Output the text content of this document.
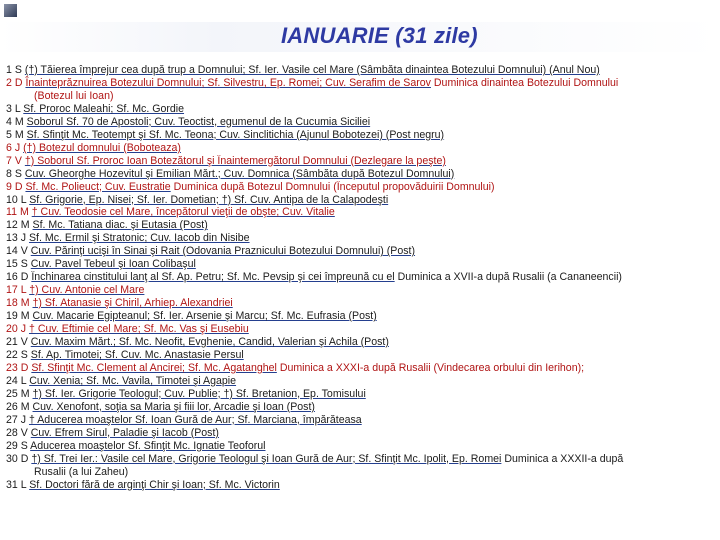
IANUARIE (31 zile)
1 S (†) Tăierea împrejur cea după trup a Domnului; Sf. Ier. Vasile cel Mare (Sâmbăta dinaintea Botezului Domnului) (Anul Nou)
2 D Înainteprăznuirea Botezului Domnului; Sf. Silvestru, Ep. Romei; Cuv. Serafim de Sarov Duminica dinaintea Botezului Domnului
(Botezul lui Ioan)
3 L Sf. Proroc Maleahi; Sf. Mc. Gordie
4 M Soborul Sf. 70 de Apostoli; Cuv. Teoctist, egumenul de la Cucumia Siciliei
5 M Sf. Sfinţit Mc. Teotempt şi Sf. Mc. Teona; Cuv. Sinclitichia (Ajunul Bobotezei) (Post negru)
6 J (†) Botezul domnului (Boboteaza)
7 V †) Soborul Sf. Proroc Ioan Botezătorul şi Înaintemergătorul Domnului (Dezlegare la peşte)
8 S Cuv. Gheorghe Hozevitul şi Emilian Mărt.; Cuv. Domnica (Sâmbăta după Botezul Domnului)
9 D Sf. Mc. Polieuct; Cuv. Eustratie Duminica după Botezul Domnului (Începutul propovăduirii Domnului)
10 L Sf. Grigorie, Ep. Nisei; Sf. Ier. Dometian; †) Sf. Cuv. Antipa de la Calapodeşti
11 M † Cuv. Teodosie cel Mare, începătorul vieţii de obşte; Cuv. Vitalie
12 M Sf. Mc. Tatiana diac. şi Eutasia (Post)
13 J Sf. Mc. Ermil şi Stratonic; Cuv. Iacob din Nisibe
14 V Cuv. Părinţi ucişi în Sinai şi Rait (Odovania Praznicului Botezului Domnului) (Post)
15 S Cuv. Pavel Tebeul şi Ioan Colibaşul
16 D Închinarea cinstitului lanţ al Sf. Ap. Petru; Sf. Mc. Pevsip şi cei împreună cu el Duminica a XVII-a după Rusalii (a Cananeencii)
17 L †) Cuv. Antonie cel Mare
18 M †) Sf. Atanasie şi Chiril, Arhiep. Alexandriei
19 M Cuv. Macarie Egipteanul; Sf. Ier. Arsenie şi Marcu; Sf. Mc. Eufrasia (Post)
20 J † Cuv. Eftimie cel Mare; Sf. Mc. Vas şi Eusebiu
21 V Cuv. Maxim Mărt.; Sf. Mc. Neofit, Evghenie, Candid, Valerian şi Achila (Post)
22 S Sf. Ap. Timotei; Sf. Cuv. Mc. Anastasie Persul
23 D Sf. Sfinţit Mc. Clement al Ancirei; Sf. Mc. Agatanghel Duminica a XXXI-a după Rusalii (Vindecarea orbului din Ierihon);
24 L Cuv. Xenia; Sf. Mc. Vavila, Timotei şi Agapie
25 M †) Sf. Ier. Grigorie Teologul; Cuv. Publie; †) Sf. Bretanion, Ep. Tomisului
26 M Cuv. Xenofont, soţia sa Maria şi fiii lor, Arcadie şi Ioan (Post)
27 J † Aducerea moaştelor Sf. Ioan Gură de Aur; Sf. Marciana, împărăteasa
28 V Cuv. Efrem Sirul, Paladie şi Iacob (Post)
29 S Aducerea moaştelor Sf. Sfinţit Mc. Ignatie Teoforul
30 D †) Sf. Trei Ier.: Vasile cel Mare, Grigorie Teologul şi Ioan Gură de Aur; Sf. Sfinţit Mc. Ipolit, Ep. Romei Duminica a XXXII-a după
Rusalii (a lui Zaheu)
31 L Sf. Doctori fără de arginţi Chir şi Ioan; Sf. Mc. Victorin
